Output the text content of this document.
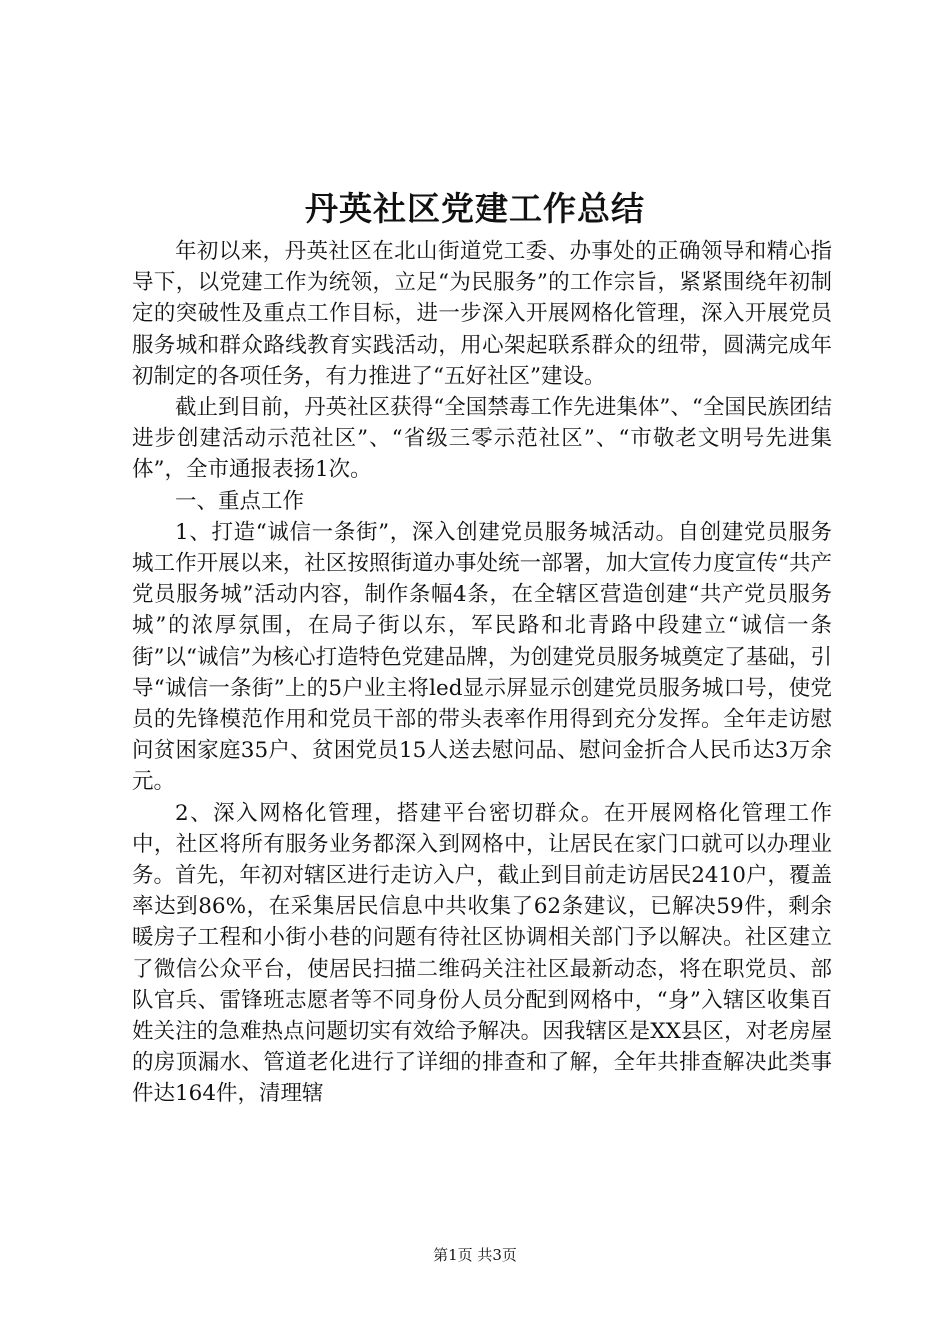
丹英社区党建工作总结

年初以来，丹英社区在北山街道党工委、办事处的正确领导和精心指导下，以党建工作为统领，立足“为民服务”的工作宗旨，紧紧围绕年初制定的突破性及重点工作目标，进一步深入开展网格化管理，深入开展党员服务城和群众路线教育实践活动，用心架起联系群众的纽带，圆满完成年初制定的各项任务，有力推进了“五好社区”建设。

截止到目前，丹英社区获得“全国禁毒工作先进集体”、“全国民族团结进步创建活动示范社区”、“省级三零示范社区”、“市敬老文明号先进集体”，全市通报表扬1次。

一、重点工作

1、打造“诚信一条街”，深入创建党员服务城活动。自创建党员服务城工作开展以来，社区按照街道办事处统一部署，加大宣传力度宣传“共产党员服务城”活动内容，制作条幅4条，在全辖区营造创建“共产党员服务城”的浓厚氛围，在局子街以东，军民路和北青路中段建立“诚信一条街”以“诚信”为核心打造特色党建品牌，为创建党员服务城奠定了基础，引导“诚信一条街”上的5户业主将led显示屏显示创建党员服务城口号，使党员的先锋模范作用和党员干部的带头表率作用得到充分发挥。全年走访慰问贫困家庭35户、贫困党员15人送去慰问品、慰问金折合人民币达3万余元。

2、深入网格化管理，搭建平台密切群众。在开展网格化管理工作中，社区将所有服务业务都深入到网格中，让居民在家门口就可以办理业务。首先，年初对辖区进行走访入户，截止到目前走访居民2410户，覆盖率达到86%，在采集居民信息中共收集了62条建议，已解决59件，剩余暖房子工程和小街小巷的问题有待社区协调相关部门予以解决。社区建立了微信公众平台，使居民扫描二维码关注社区最新动态，将在职党员、部队官兵、雷锋班志愿者等不同身份人员分配到网格中，“身”入辖区收集百姓关注的急难热点问题切实有效给予解决。因我辖区是XX县区，对老房屋的房顶漏水、管道老化进行了详细的排查和了解，全年共排查解决此类事件达164件，清理辖

第1页 共3页
